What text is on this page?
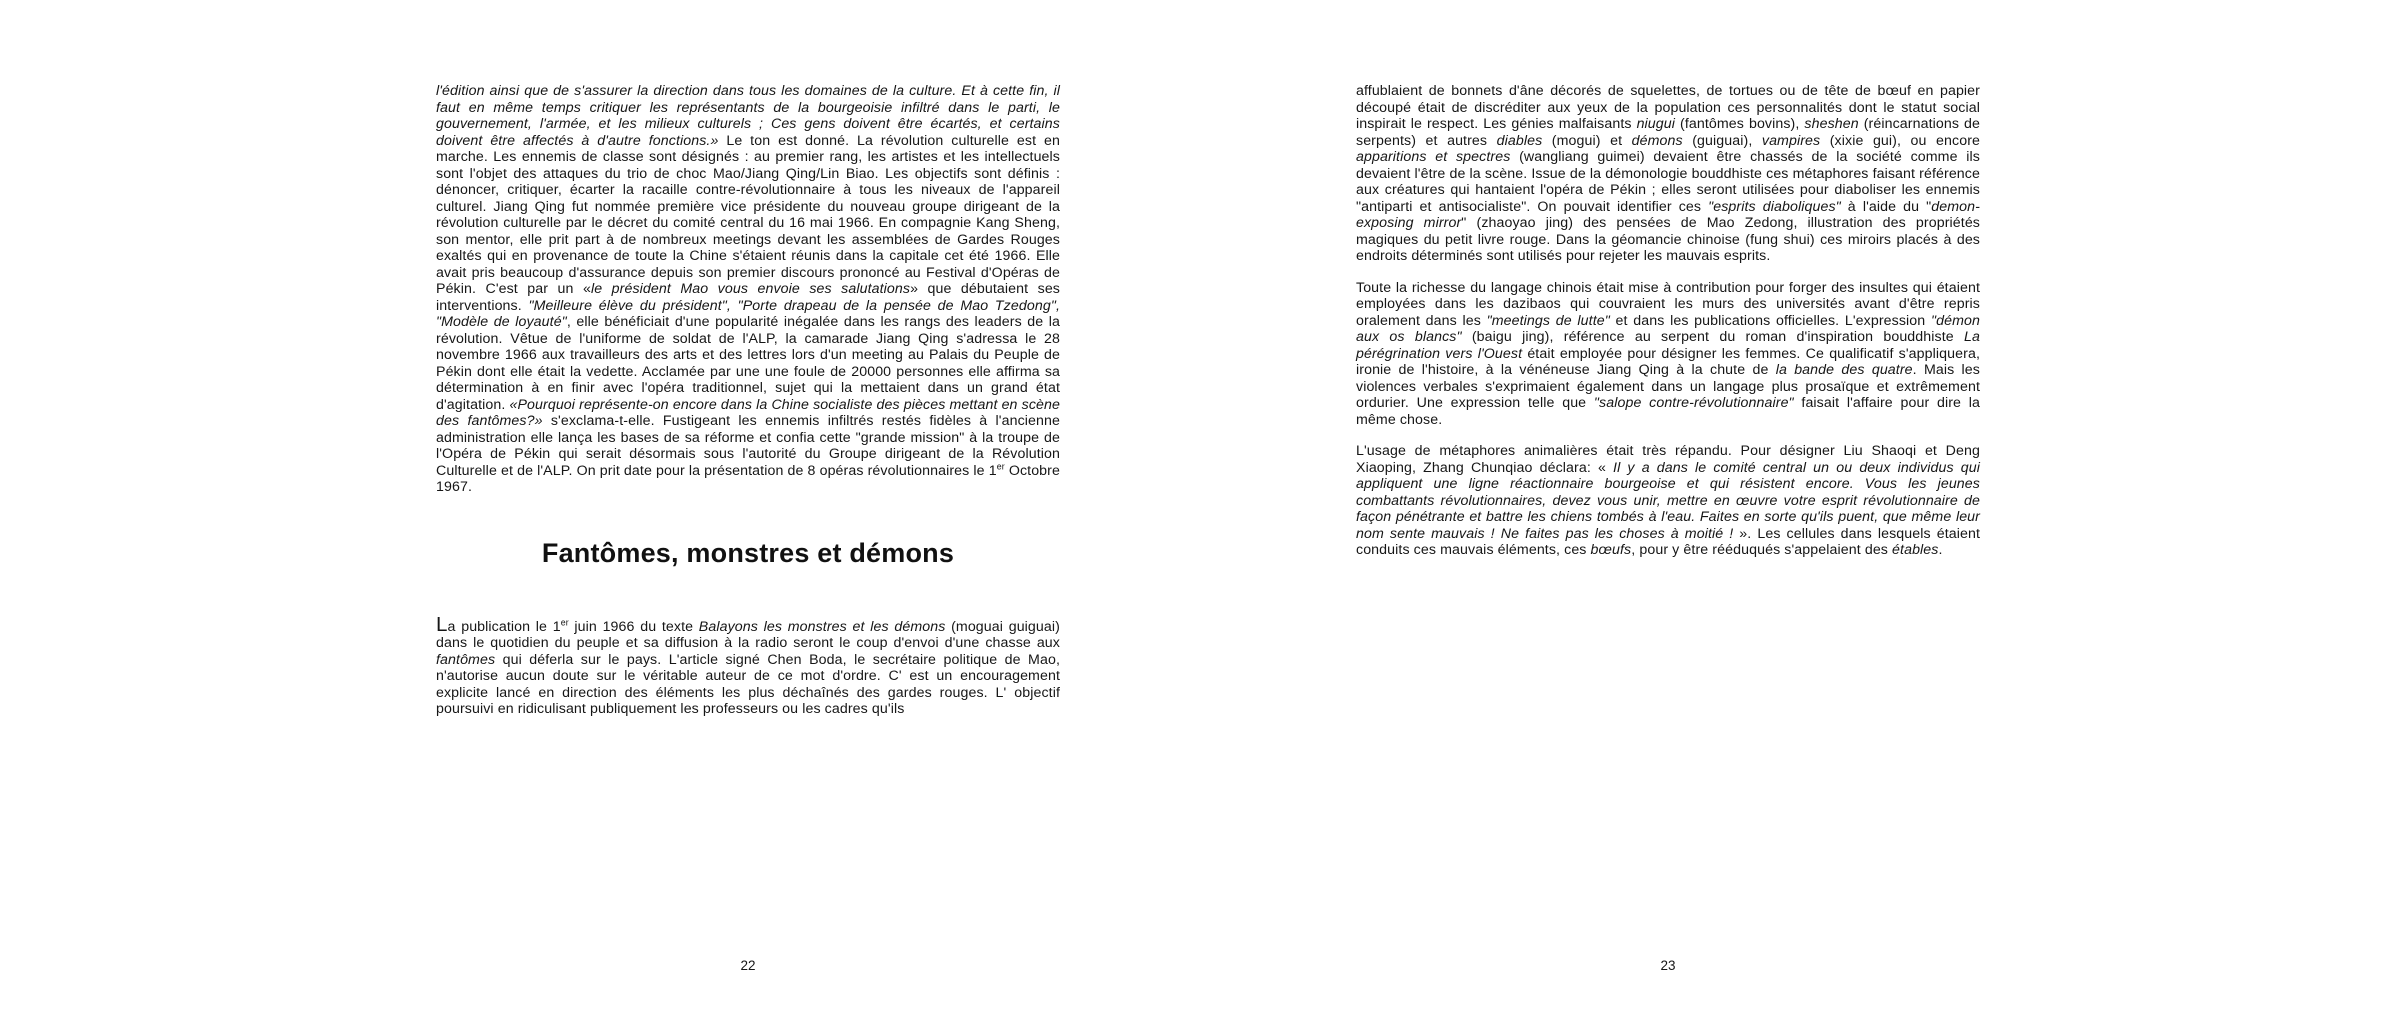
l'édition ainsi que de s'assurer la direction dans tous les domaines de la culture. Et à cette fin, il faut en même temps critiquer les représentants de la bourgeoisie infiltré dans le parti, le gouvernement, l'armée, et les milieux culturels ; Ces gens doivent être écartés, et certains doivent être affectés à d'autre fonctions.» Le ton est donné. La révolution culturelle est en marche. Les ennemis de classe sont désignés : au premier rang, les artistes et les intellectuels sont l'objet des attaques du trio de choc Mao/Jiang Qing/Lin Biao. Les objectifs sont définis : dénoncer, critiquer, écarter la racaille contre-révolutionnaire à tous les niveaux de l'appareil culturel. Jiang Qing fut nommée première vice présidente du nouveau groupe dirigeant de la révolution culturelle par le décret du comité central du 16 mai 1966. En compagnie Kang Sheng, son mentor, elle prit part à de nombreux meetings devant les assemblées de Gardes Rouges exaltés qui en provenance de toute la Chine s'étaient réunis dans la capitale cet été 1966. Elle avait pris beaucoup d'assurance depuis son premier discours prononcé au Festival d'Opéras de Pékin. C'est par un «le président Mao vous envoie ses salutations» que débutaient ses interventions. "Meilleure élève du président", "Porte drapeau de la pensée de Mao Tzedong", "Modèle de loyauté", elle bénéficiait d'une popularité inégalée dans les rangs des leaders de la révolution. Vêtue de l'uniforme de soldat de l'ALP, la camarade Jiang Qing s'adressa le 28 novembre 1966 aux travailleurs des arts et des lettres lors d'un meeting au Palais du Peuple de Pékin dont elle était la vedette. Acclamée par une une foule de 20000 personnes elle affirma sa détermination à en finir avec l'opéra traditionnel, sujet qui la mettaient dans un grand état d'agitation. «Pourquoi représente-on encore dans la Chine socialiste des pièces mettant en scène des fantômes?» s'exclama-t-elle. Fustigeant les ennemis infiltrés restés fidèles à l'ancienne administration elle lança les bases de sa réforme et confia cette "grande mission" à la troupe de l'Opéra de Pékin qui serait désormais sous l'autorité du Groupe dirigeant de la Révolution Culturelle et de l'ALP. On prit date pour la présentation de 8 opéras révolutionnaires le 1er Octobre 1967.

Fantômes, monstres et démons

La publication le 1er juin 1966 du texte Balayons les monstres et les démons (moguai guiguai) dans le quotidien du peuple et sa diffusion à la radio seront le coup d'envoi d'une chasse aux fantômes qui déferla sur le pays. L'article signé Chen Boda, le secrétaire politique de Mao, n'autorise aucun doute sur le véritable auteur de ce mot d'ordre. C' est un encouragement explicite lancé en direction des éléments les plus déchaînés des gardes rouges. L' objectif poursuivi en ridiculisant publiquement les professeurs ou les cadres qu'ils

22

affublaient de bonnets d'âne décorés de squelettes, de tortues ou de tête de bœuf en papier découpé était de discréditer aux yeux de la population ces personnalités dont le statut social inspirait le respect. Les génies malfaisants niugui (fantômes bovins), sheshen (réincarnations de serpents) et autres diables (mogui) et démons (guiguai), vampires (xixie gui), ou encore apparitions et spectres (wangliang guimei) devaient être chassés de la société comme ils devaient l'être de la scène. Issue de la démonologie bouddhiste ces métaphores faisant référence aux créatures qui hantaient l'opéra de Pékin ; elles seront utilisées pour diaboliser les ennemis "antiparti et antisocialiste". On pouvait identifier ces "esprits diaboliques" à l'aide du "demon-exposing mirror" (zhaoyao jing) des pensées de Mao Zedong, illustration des propriétés magiques du petit livre rouge. Dans la géomancie chinoise (fung shui) ces miroirs placés à des endroits déterminés sont utilisés pour rejeter les mauvais esprits.

Toute la richesse du langage chinois était mise à contribution pour forger des insultes qui étaient employées dans les dazibaos qui couvraient les murs des universités avant d'être repris oralement dans les "meetings de lutte" et dans les publications officielles. L'expression "démon aux os blancs" (baigu jing), référence au serpent du roman d'inspiration bouddhiste La pérégrination vers l'Ouest était employée pour désigner les femmes. Ce qualificatif s'appliquera, ironie de l'histoire, à la vénéneuse Jiang Qing à la chute de la bande des quatre. Mais les violences verbales s'exprimaient également dans un langage plus prosaïque et extrêmement ordurier. Une expression telle que "salope contre-révolutionnaire" faisait l'affaire pour dire la même chose.

L'usage de métaphores animalières était très répandu. Pour désigner Liu Shaoqi et Deng Xiaoping, Zhang Chunqiao déclara: « Il y a dans le comité central un ou deux individus qui appliquent une ligne réactionnaire bourgeoise et qui résistent encore. Vous les jeunes combattants révolutionnaires, devez vous unir, mettre en œuvre votre esprit révolutionnaire de façon pénétrante et battre les chiens tombés à l'eau. Faites en sorte qu'ils puent, que même leur nom sente mauvais ! Ne faites pas les choses à moitié ! ». Les cellules dans lesquels étaient conduits ces mauvais éléments, ces bœufs, pour y être rééduqués s'appelaient des étables.

23
